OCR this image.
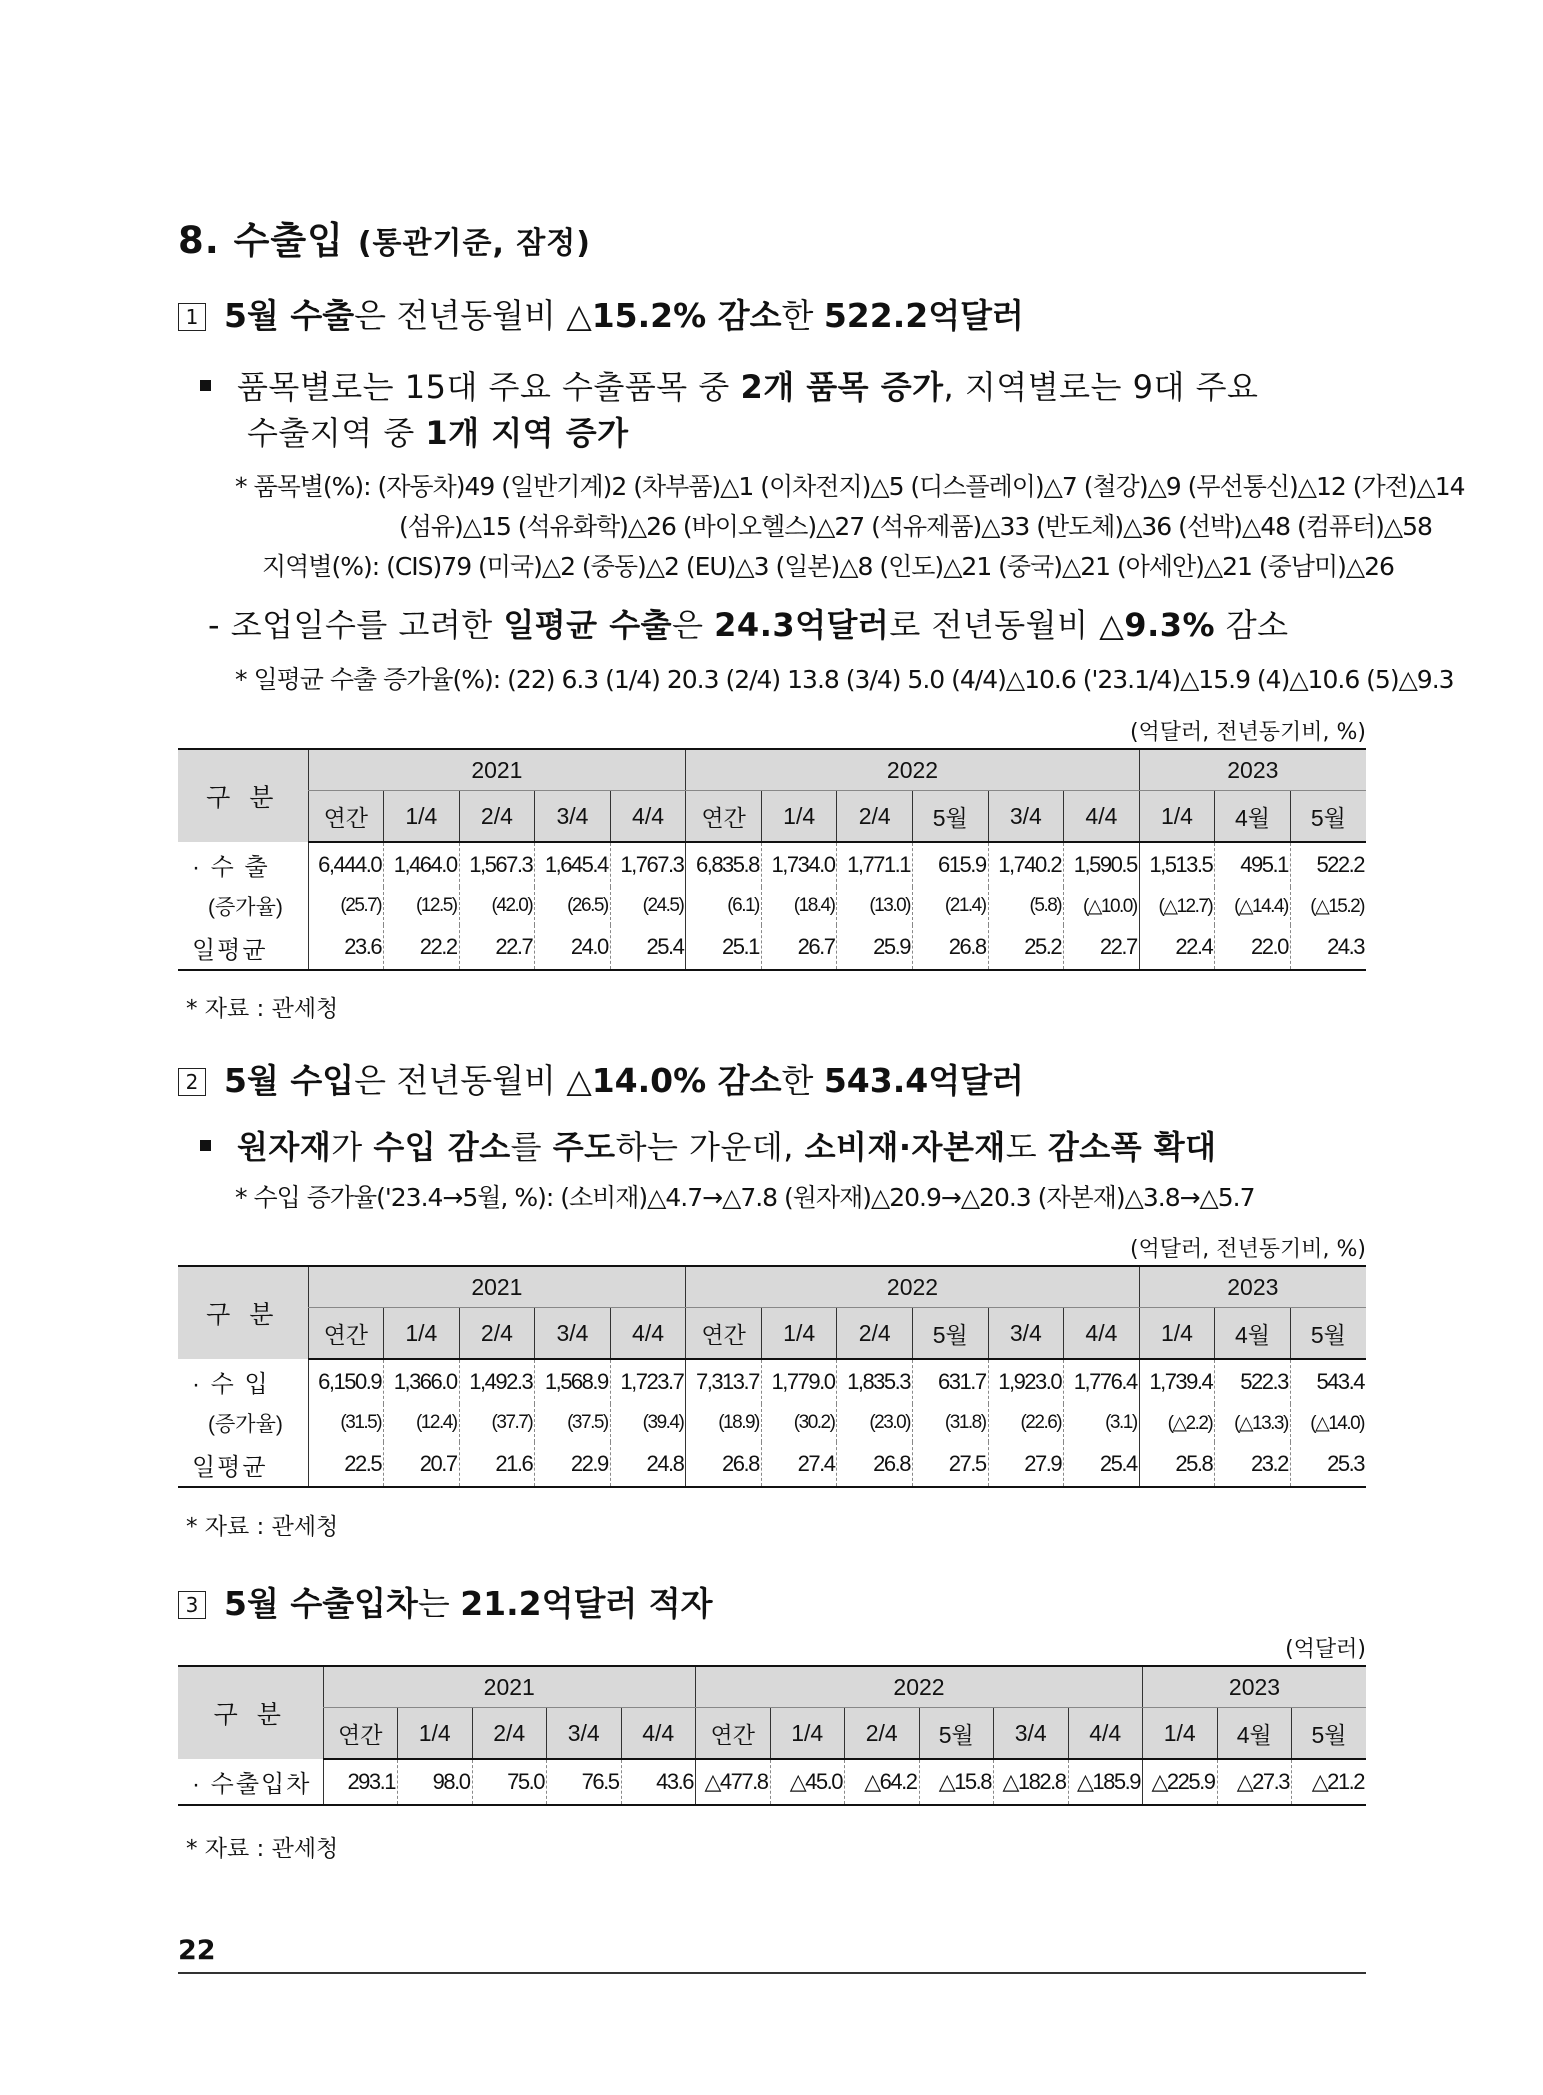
8. 수출입 (통관기준, 잠정)
1 5월 수출은 전년동월비 △15.2% 감소한 522.2억달러
품목별로는 15대 주요 수출품목 중 2개 품목 증가, 지역별로는 9대 주요
수출지역 중 1개 지역 증가
* 품목별(%): (자동차)49 (일반기계)2 (차부품)△1 (이차전지)△5 (디스플레이)△7 (철강)△9 (무선통신)△12 (가전)△14
(섬유)△15 (석유화학)△26 (바이오헬스)△27 (석유제품)△33 (반도체)△36 (선박)△48 (컴퓨터)△58
지역별(%): (CIS)79 (미국)△2 (중동)△2 (EU)△3 (일본)△8 (인도)△21 (중국)△21 (아세안)△21 (중남미)△26
- 조업일수를 고려한 일평균 수출은 24.3억달러로 전년동월비 △9.3% 감소
* 일평균 수출 증가율(%): (22) 6.3 (1/4) 20.3 (2/4) 13.8 (3/4) 5.0 (4/4)△10.6 ('23.1/4)△15.9 (4)△10.6 (5)△9.3
(억달러, 전년동기비, %)
구 분	2021					2022						2023		
	연간	1/4	2/4	3/4	4/4	연간	1/4	2/4	5월	3/4	4/4	1/4	4월	5월
· 수 출	6,444.0	1,464.0	1,567.3	1,645.4	1,767.3	6,835.8	1,734.0	1,771.1	615.9	1,740.2	1,590.5	1,513.5	495.1	522.2
(증가율)	(25.7)	(12.5)	(42.0)	(26.5)	(24.5)	(6.1)	(18.4)	(13.0)	(21.4)	(5.8)	(△10.0)	(△12.7)	(△14.4)	(△15.2)
일평균	23.6	22.2	22.7	24.0	25.4	25.1	26.7	25.9	26.8	25.2	22.7	22.4	22.0	24.3
* 자료 : 관세청
2 5월 수입은 전년동월비 △14.0% 감소한 543.4억달러
원자재가 수입 감소를 주도하는 가운데, 소비재·자본재도 감소폭 확대
* 수입 증가율('23.4→5월, %): (소비재)△4.7→△7.8 (원자재)△20.9→△20.3 (자본재)△3.8→△5.7
(억달러, 전년동기비, %)
구 분	2021					2022						2023		
	연간	1/4	2/4	3/4	4/4	연간	1/4	2/4	5월	3/4	4/4	1/4	4월	5월
· 수 입	6,150.9	1,366.0	1,492.3	1,568.9	1,723.7	7,313.7	1,779.0	1,835.3	631.7	1,923.0	1,776.4	1,739.4	522.3	543.4
(증가율)	(31.5)	(12.4)	(37.7)	(37.5)	(39.4)	(18.9)	(30.2)	(23.0)	(31.8)	(22.6)	(3.1)	(△2.2)	(△13.3)	(△14.0)
일평균	22.5	20.7	21.6	22.9	24.8	26.8	27.4	26.8	27.5	27.9	25.4	25.8	23.2	25.3
* 자료 : 관세청
3 5월 수출입차는 21.2억달러 적자
(억달러)
구 분	2021					2022						2023		
	연간	1/4	2/4	3/4	4/4	연간	1/4	2/4	5월	3/4	4/4	1/4	4월	5월
· 수출입차	293.1	98.0	75.0	76.5	43.6	△477.8	△45.0	△64.2	△15.8	△182.8	△185.9	△225.9	△27.3	△21.2
* 자료 : 관세청
22
